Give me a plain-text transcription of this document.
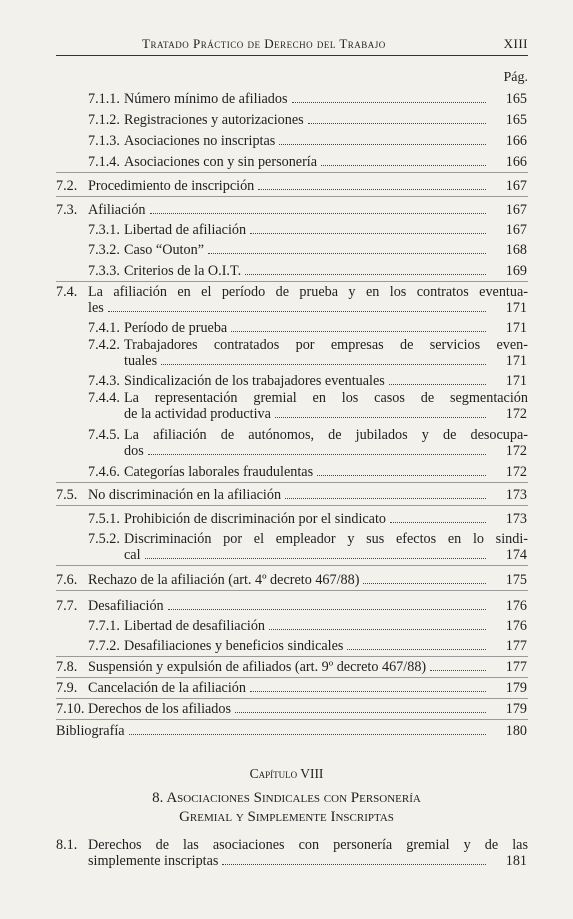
Tratado Práctico de Derecho del Trabajo	XIII
Pág.
7.1.1. Número mínimo de afiliados	165
7.1.2. Registraciones y autorizaciones	165
7.1.3. Asociaciones no inscriptas	166
7.1.4. Asociaciones con y sin personería	166
7.2. Procedimiento de inscripción	167
7.3. Afiliación	167
7.3.1. Libertad de afiliación	167
7.3.2. Caso “Outon”	168
7.3.3. Criterios de la O.I.T.	169
7.4. La afiliación en el período de prueba y en los contratos eventua-
les	171
7.4.1. Período de prueba	171
7.4.2. Trabajadores contratados por empresas de servicios even-
tuales	171
7.4.3. Sindicalización de los trabajadores eventuales	171
7.4.4. La representación gremial en los casos de segmentación
de la actividad productiva	172
7.4.5. La afiliación de autónomos, de jubilados y de desocupa-
dos	172
7.4.6. Categorías laborales fraudulentas	172
7.5. No discriminación en la afiliación	173
7.5.1. Prohibición de discriminación por el sindicato	173
7.5.2. Discriminación por el empleador y sus efectos en lo sindi-
cal	174
7.6. Rechazo de la afiliación (art. 4º decreto 467/88)	175
7.7. Desafiliación	176
7.7.1. Libertad de desafiliación	176
7.7.2. Desafiliaciones y beneficios sindicales	177
7.8. Suspensión y expulsión de afiliados (art. 9º decreto 467/88)	177
7.9. Cancelación de la afiliación	179
7.10. Derechos de los afiliados	179
Bibliografía	180
Capítulo VIII
8. Asociaciones Sindicales con Personería
Gremial y Simplemente Inscriptas
8.1. Derechos de las asociaciones con personería gremial y de las
simplemente inscriptas	181
